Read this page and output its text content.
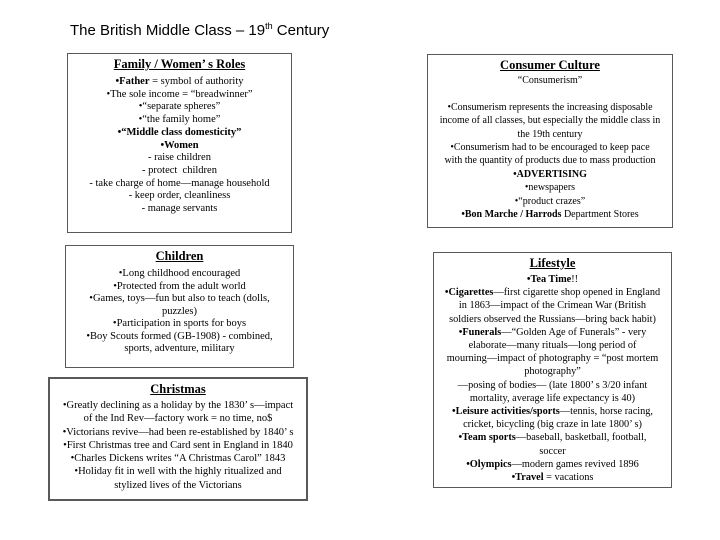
The British Middle Class – 19th Century
Family / Women’ s Roles
•Father = symbol of authority
•The sole income = “breadwinner”
•“separate spheres”
•“the family home”
•“Middle class domesticity”
•Women
- raise children
- protect  children
- take charge of home—manage household
- keep order, cleanliness
- manage servants
Consumer Culture
“Consumerism”

•Consumerism represents the increasing disposable
income of all classes, but especially the middle class in
the 19th century
•Consumerism had to be encouraged to keep pace
with the quantity of products due to mass production
•ADVERTISING
•newspapers
•“product crazes”
•Bon Marche / Harrods Department Stores
Children
•Long childhood encouraged
•Protected from the adult world
•Games, toys—fun but also to teach (dolls,
puzzles)
•Participation in sports for boys
•Boy Scouts formed (GB-1908) - combined,
sports, adventure, military
Lifestyle
•Tea Time!!
•Cigarettes—first cigarette shop opened in England
in 1863—impact of the Crimean War (British
soldiers observed the Russians—bring back habit)
•Funerals—“Golden Age of Funerals” - very
elaborate—many rituals—long period of
mourning—impact of photography = “post mortem
photography”
—posing of bodies— (late 1800’ s 3/20 infant
mortality, average life expectancy is 40)
•Leisure activities/sports—tennis, horse racing,
cricket, bicycling (big craze in late 1800’ s)
•Team sports—baseball, basketball, football,
soccer
•Olympics—modern games revived 1896
•Travel = vacations
Christmas
•Greatly declining as a holiday by the 1830’ s—impact
of the Ind Rev—factory work = no time, no$
•Victorians revive—had been re-established by 1840’ s
•First Christmas tree and Card sent in England in 1840
•Charles Dickens writes “A Christmas Carol” 1843
•Holiday fit in well with the highly ritualized and
stylized lives of the Victorians
